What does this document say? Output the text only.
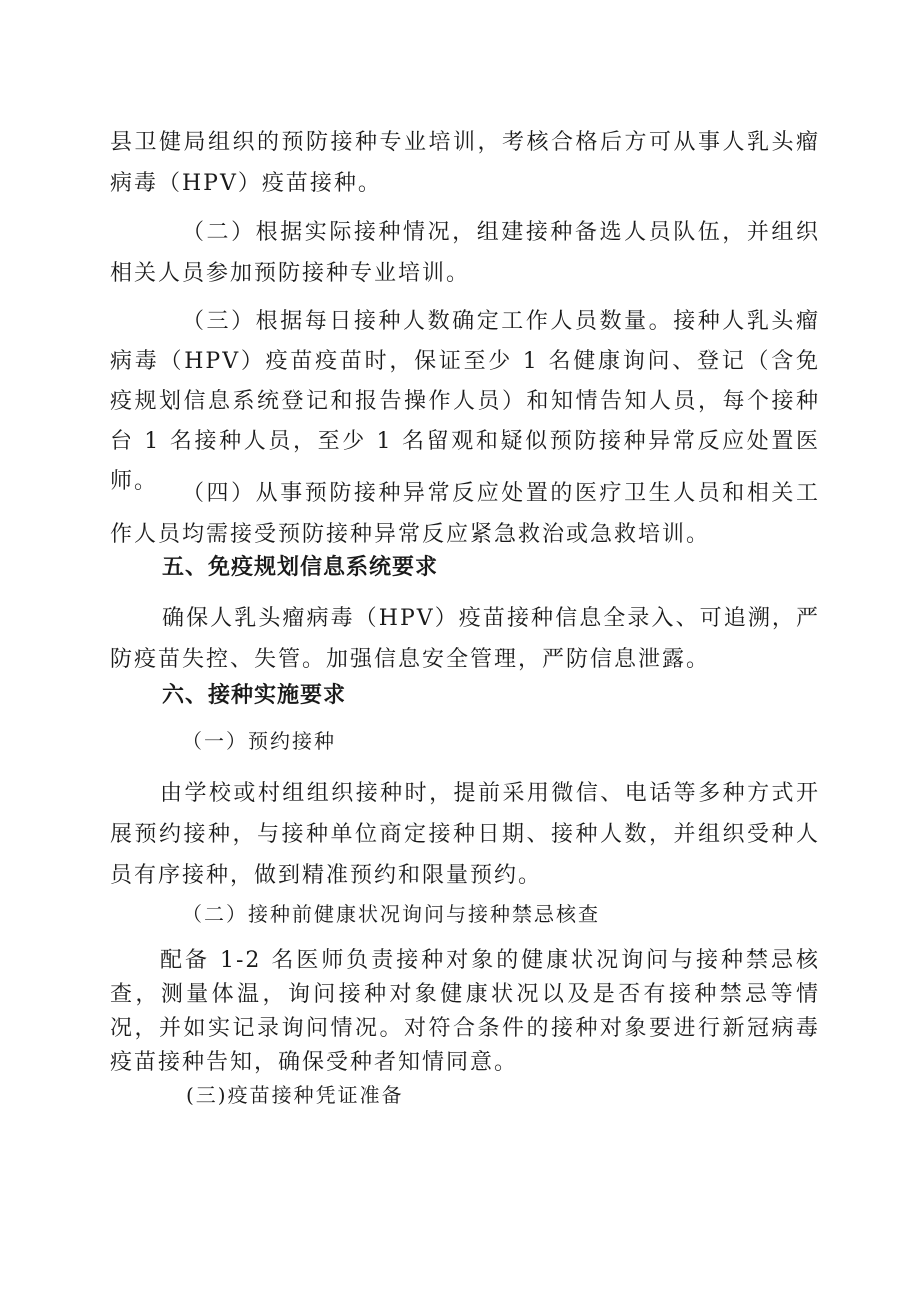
县卫健局组织的预防接种专业培训，考核合格后方可从事人乳头瘤病毒（HPV）疫苗接种。

（二）根据实际接种情况，组建接种备选人员队伍，并组织相关人员参加预防接种专业培训。

（三）根据每日接种人数确定工作人员数量。接种人乳头瘤病毒（HPV）疫苗疫苗时，保证至少 1 名健康询问、登记（含免疫规划信息系统登记和报告操作人员）和知情告知人员，每个接种台 1 名接种人员，至少 1 名留观和疑似预防接种异常反应处置医师。	（四）从事预防接种异常反应处置的医疗卫生人员和相关工作人员均需接受预防接种异常反应紧急救治或急救培训。

五、免疫规划信息系统要求

确保人乳头瘤病毒（HPV）疫苗接种信息全录入、可追溯，严防疫苗失控、失管。加强信息安全管理，严防信息泄露。

六、接种实施要求

（一）预约接种

由学校或村组组织接种时，提前采用微信、电话等多种方式开展预约接种，与接种单位商定接种日期、接种人数，并组织受种人员有序接种，做到精准预约和限量预约。

（二）接种前健康状况询问与接种禁忌核查

配备 1-2 名医师负责接种对象的健康状况询问与接种禁忌核查，测量体温，询问接种对象健康状况以及是否有接种禁忌等情况，并如实记录询问情况。对符合条件的接种对象要进行新冠病毒疫苗接种告知，确保受种者知情同意。

(三)疫苗接种凭证准备
